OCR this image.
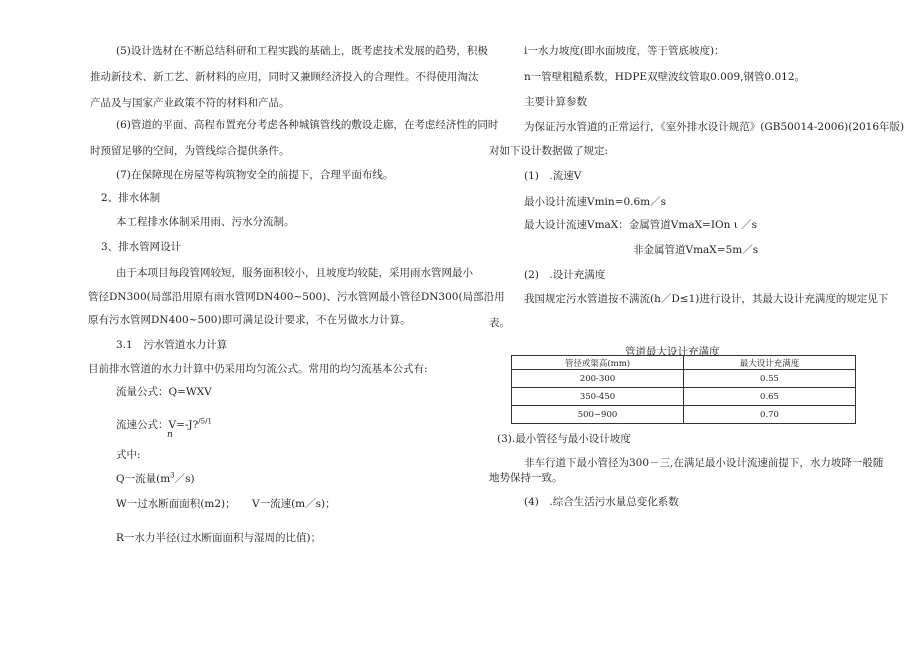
(5)设计选材在不断总结科研和工程实践的基础上，既考虑技术发展的趋势，积极
推动新技术、新工艺、新材料的应用，同时又兼顾经济投入的合理性。不得使用淘汰
产品及与国家产业政策不符的材料和产品。
(6)管道的平面、高程布置充分考虑各种城镇管线的敷设走廊，在考虑经济性的同时
时预留足够的空间，为管线综合提供条件。
(7)在保障现在房屋等构筑物安全的前提下，合理平面布线。
2、排水体制
本工程排水体制采用雨、污水分流制。
3、排水管网设计
由于本项目每段管网较短，服务面积较小，且坡度均较陡，采用雨水管网最小
管径DN300(局部沿用原有雨水管网DN400~500)、污水管网最小管径DN300(局部沿用
原有污水管网DN400~500)即可满足设计要求，不在另做水力计算。
3.1　污水管道水力计算
目前排水管道的水力计算中仍采用均匀流公式。常用的均匀流基本公式有:
流量公式：Q=WXV
流速公式：V=-J?$^{/5/1}$
n
式中:
Q一流量$(m^3/s)$
W一过水断面面积(m2)； V一流速(m／s)；
R一水力半径(过水断面面积与湿周的比值)；
i一水力坡度(即水面坡度，等于管底坡度)：
n一管壁粗糙系数，HDPE双壁波纹管取0.009,钢管0.012。
主要计算参数
为保证污水管道的正常运行，《室外排水设计规范》(GB50014-2006)(2016年版)
对如下设计数据做了规定:
(1)　.流速V
最小设计流速Vmin=0.6m／s
最大设计流速VmaX：金属管道VmaX=IOn ι ／s
非金属管道VmaX=5m／s
(2)　.设计充满度
我国规定污水管道按不满流(h／D≤1)进行设计，其最大设计充满度的规定见下
表。
管道最大设计充满度
管径或渠高(mm)	最大设计充满度
200-300	0.55
350-450	0.65
500~900	0.70
(3).最小管径与最小设计坡度
非车行道下最小管径为300ㄧ三,在满足最小设计流速前提下，水力坡降一般随
地势保持一致。
(4)　.综合生活污水量总变化系数
